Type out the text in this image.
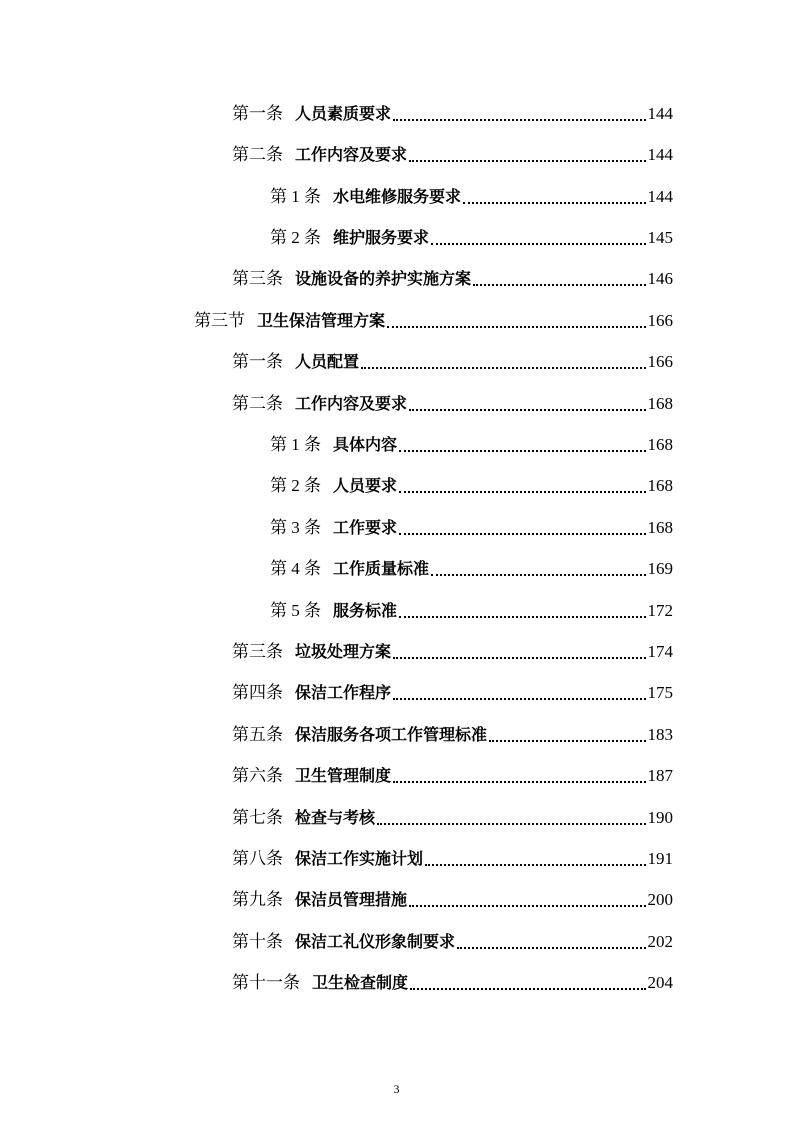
第一条 人员素质要求	144
第二条 工作内容及要求	144
第 1 条 水电维修服务要求	144
第 2 条 维护服务要求	145
第三条 设施设备的养护实施方案	146
第三节 卫生保洁管理方案	166
第一条 人员配置	166
第二条 工作内容及要求	168
第 1 条 具体内容	168
第 2 条 人员要求	168
第 3 条 工作要求	168
第 4 条 工作质量标准	169
第 5 条 服务标准	172
第三条 垃圾处理方案	174
第四条 保洁工作程序	175
第五条 保洁服务各项工作管理标准	183
第六条 卫生管理制度	187
第七条 检查与考核	190
第八条 保洁工作实施计划	191
第九条 保洁员管理措施	200
第十条 保洁工礼仪形象制要求	202
第十一条 卫生检查制度	204
3
